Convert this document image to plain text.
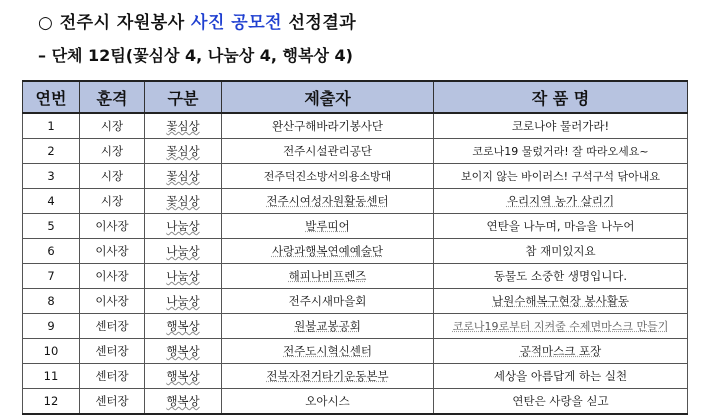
○ 전주시 자원봉사 사진 공모전 선정결과
– 단체 12팀(꽃심상 4, 나눔상 4, 행복상 4)
연번	훈격	구분	제출자	작 품 명
1	시장	꽃심상	완산구해바라기봉사단	코로나야 물러가라!
2	시장	꽃심상	전주시설관리공단	코로나19 물렀거라! 잘 따라오세요~
3	시장	꽃심상	전주덕진소방서의용소방대	보이지 않는 바이러스! 구석구석 닦아내요
4	시장	꽃심상	전주시여성자원활동센터	우리지역 농가 살리기
5	이사장	나눔상	발루띠어	연탄을 나누며, 마음을 나누어
6	이사장	나눔상	사랑과행복연예예술단	참 재미있지요
7	이사장	나눔상	해피나비프렌즈	동물도 소중한 생명입니다.
8	이사장	나눔상	전주시새마을회	남원수해복구현장 봉사활동
9	센터장	행복상	원불교봉공회	코로나19로부터 지켜줄 수제면마스크 만들기
10	센터장	행복상	전주도시혁신센터	공적마스크 포장
11	센터장	행복상	전북자전거타기운동본부	세상을 아름답게 하는 실천
12	센터장	행복상	오아시스	연탄은 사랑을 싣고
